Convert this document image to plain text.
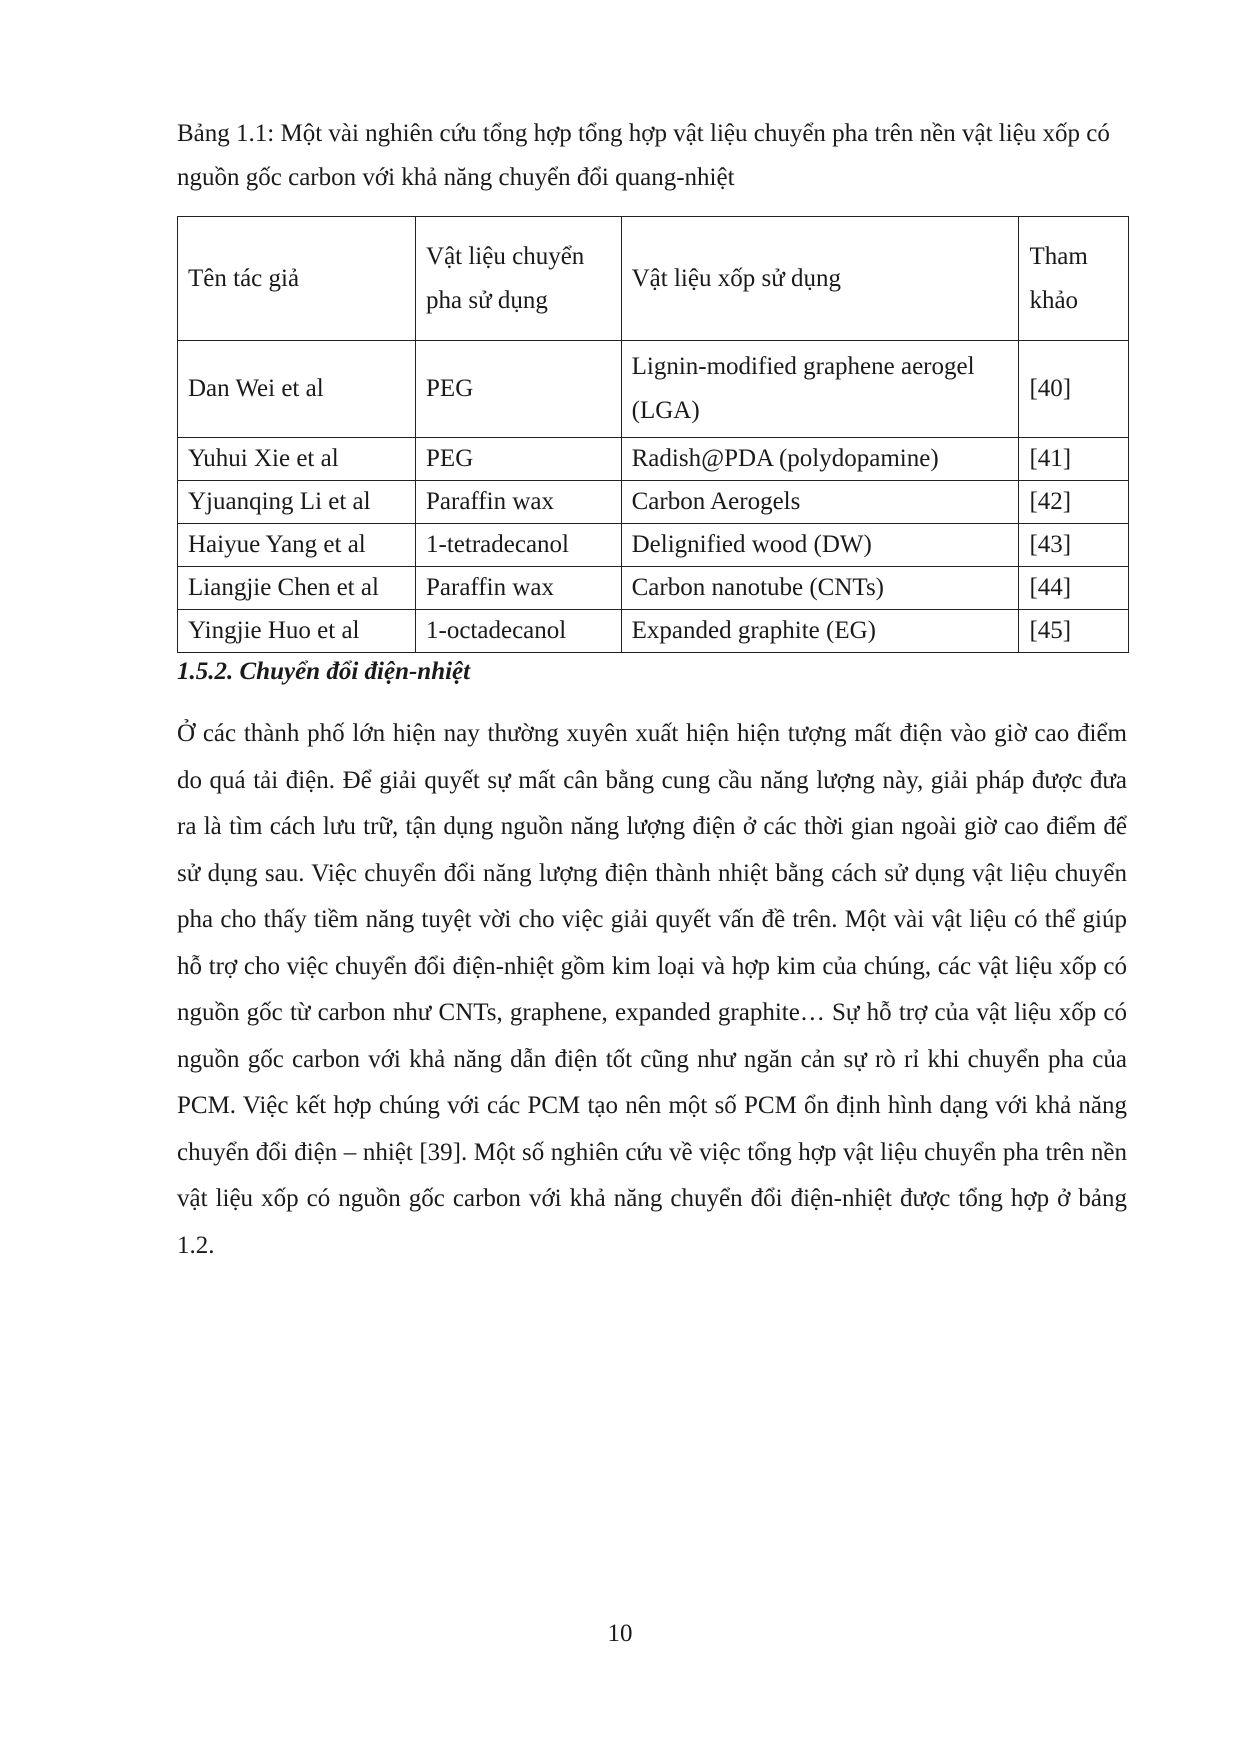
Bảng 1.1: Một vài nghiên cứu tổng hợp tổng hợp vật liệu chuyển pha trên nền vật liệu xốp có nguồn gốc carbon với khả năng chuyển đổi quang-nhiệt

Tên tác giả	Vật liệu chuyển pha sử dụng	Vật liệu xốp sử dụng	Tham khảo
Dan Wei et al	PEG	Lignin-modified graphene aerogel (LGA)	[40]
Yuhui Xie et al	PEG	Radish@PDA (polydopamine)	[41]
Yjuanqing Li et al	Paraffin wax	Carbon Aerogels	[42]
Haiyue Yang et al	1-tetradecanol	Delignified wood (DW)	[43]
Liangjie Chen et al	Paraffin wax	Carbon nanotube (CNTs)	[44]
Yingjie Huo et al	1-octadecanol	Expanded graphite (EG)	[45]

1.5.2. Chuyển đổi điện-nhiệt

Ở các thành phố lớn hiện nay thường xuyên xuất hiện hiện tượng mất điện vào giờ cao điểm do quá tải điện. Để giải quyết sự mất cân bằng cung cầu năng lượng này, giải pháp được đưa ra là tìm cách lưu trữ, tận dụng nguồn năng lượng điện ở các thời gian ngoài giờ cao điểm để sử dụng sau. Việc chuyển đổi năng lượng điện thành nhiệt bằng cách sử dụng vật liệu chuyển pha cho thấy tiềm năng tuyệt vời cho việc giải quyết vấn đề trên. Một vài vật liệu có thể giúp hỗ trợ cho việc chuyển đổi điện-nhiệt gồm kim loại và hợp kim của chúng, các vật liệu xốp có nguồn gốc từ carbon như CNTs, graphene, expanded graphite… Sự hỗ trợ của vật liệu xốp có nguồn gốc carbon với khả năng dẫn điện tốt cũng như ngăn cản sự rò rỉ khi chuyển pha của PCM. Việc kết hợp chúng với các PCM tạo nên một số PCM ổn định hình dạng với khả năng chuyển đổi điện – nhiệt [39]. Một số nghiên cứu về việc tổng hợp vật liệu chuyển pha trên nền vật liệu xốp có nguồn gốc carbon với khả năng chuyển đổi điện-nhiệt được tổng hợp ở bảng 1.2.

10
